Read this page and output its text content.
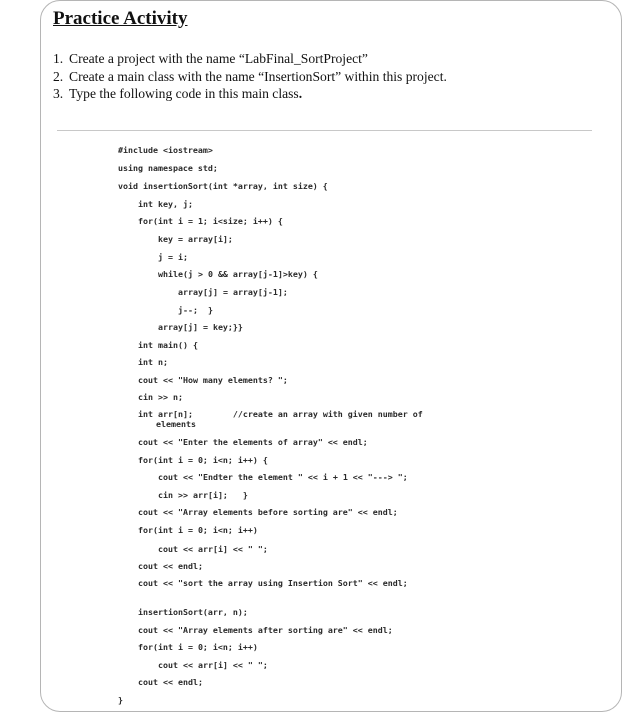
Practice Activity
1. Create a project with the name “LabFinal_SortProject”
2. Create a main class with the name “InsertionSort” within this project.
3. Type the following code in this main class.
#include <iostream>
using namespace std;
void insertionSort(int *array, int size) {
int key, j;
for(int i = 1; i<size; i++) {
key = array[i];
j = i;
while(j > 0 && array[j-1]>key) {
array[j] = array[j-1];
j--;  }
array[j] = key;}}
int main() {
int n;
cout << "How many elements? ";
cin >> n;
int arr[n];        //create an array with given number of
elements
cout << "Enter the elements of array" << endl;
for(int i = 0; i<n; i++) {
cout << "Endter the element " << i + 1 << "---> ";
cin >> arr[i];   }
cout << "Array elements before sorting are" << endl;
for(int i = 0; i<n; i++)
cout << arr[i] << " ";
cout << endl;
cout << "sort the array using Insertion Sort" << endl;
insertionSort(arr, n);
cout << "Array elements after sorting are" << endl;
for(int i = 0; i<n; i++)
cout << arr[i] << " ";
cout << endl;
}
